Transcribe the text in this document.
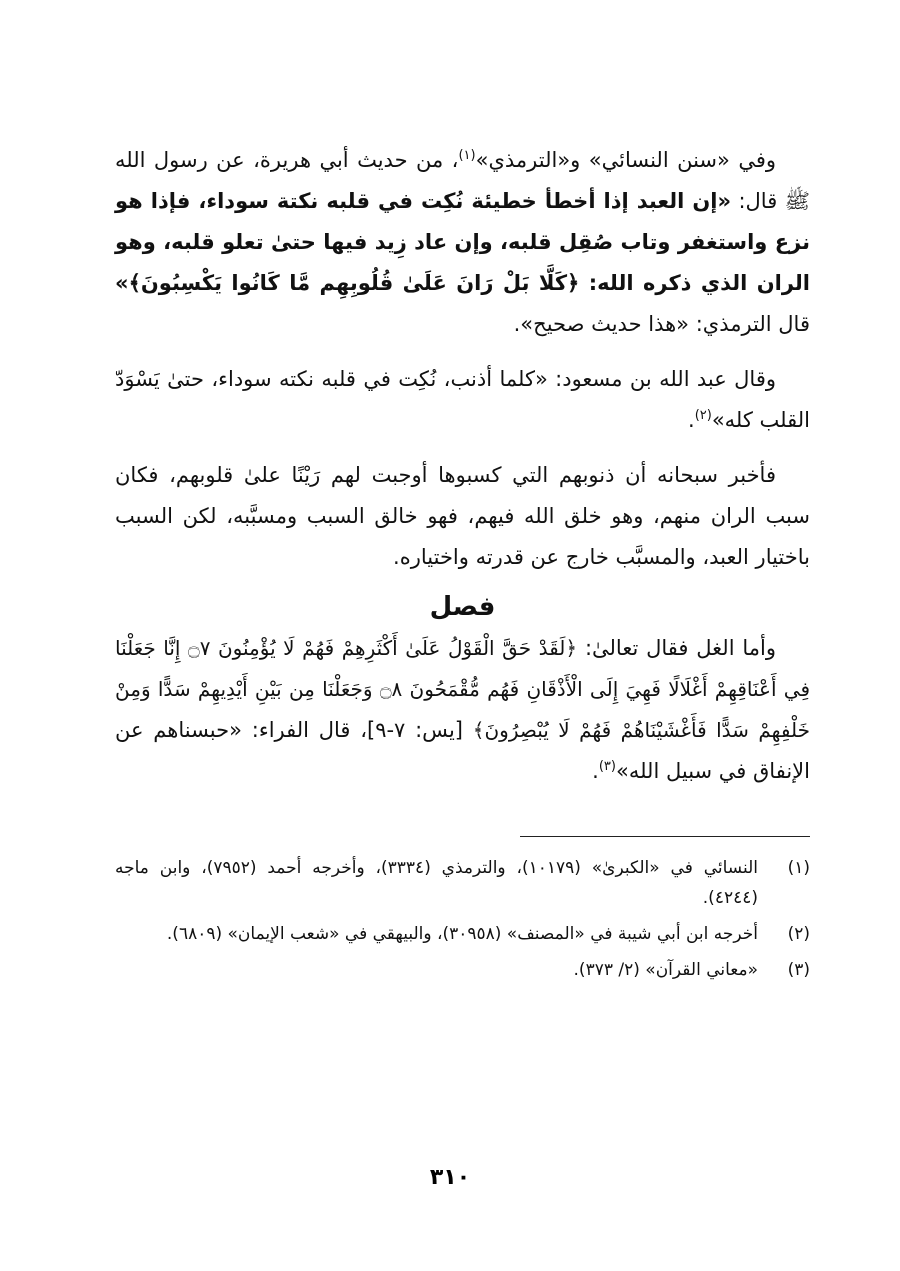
وفي «سنن النسائي» و«الترمذي»$^{(١)}$، من حديث أبي هريرة، عن رسول الله ﷺ قال: «إن العبد إذا أخطأ خطيئة نُكِت في قلبه نكتة سوداء، فإذا هو نزع واستغفر وتاب صُقِل قلبه، وإن عاد زِيد فيها حتىٰ تعلو قلبه، وهو الران الذي ذكره الله: ﴿كَلَّا بَلْ رَانَ عَلَىٰ قُلُوبِهِم مَّا كَانُوا يَكْسِبُونَ﴾» قال الترمذي: «هذا حديث صحيح».

وقال عبد الله بن مسعود: «كلما أذنب، نُكِت في قلبه نكته سوداء، حتىٰ يَسْوَدّ القلب كله»$^{(٢)}$.

فأخبر سبحانه أن ذنوبهم التي كسبوها أوجبت لهم رَيْنًا علىٰ قلوبهم، فكان سبب الران منهم، وهو خلق الله فيهم، فهو خالق السبب ومسبَّبه، لكن السبب باختيار العبد، والمسبَّب خارج عن قدرته واختياره.

فصل

وأما الغل فقال تعالىٰ: ﴿لَقَدْ حَقَّ الْقَوْلُ عَلَىٰ أَكْثَرِهِمْ فَهُمْ لَا يُؤْمِنُونَ ۝٧ إِنَّا جَعَلْنَا فِي أَعْنَاقِهِمْ أَغْلَالًا فَهِيَ إِلَى الْأَذْقَانِ فَهُم مُّقْمَحُونَ ۝٨ وَجَعَلْنَا مِن بَيْنِ أَيْدِيهِمْ سَدًّا وَمِنْ خَلْفِهِمْ سَدًّا فَأَغْشَيْنَاهُمْ فَهُمْ لَا يُبْصِرُونَ﴾ [يس: ٧-٩]، قال الفراء: «حبسناهم عن الإنفاق في سبيل الله»$^{(٣)}$.

(١)
النسائي في «الكبرىٰ» (١٠١٧٩)، والترمذي (٣٣٣٤)، وأخرجه أحمد (٧٩٥٢)، وابن ماجه (٤٢٤٤).

(٢)
أخرجه ابن أبي شيبة في «المصنف» (٣٠٩٥٨)، والبيهقي في «شعب الإيمان» (٦٨٠٩).

(٣)
«معاني القرآن» (٢/ ٣٧٣).

٣١٠
